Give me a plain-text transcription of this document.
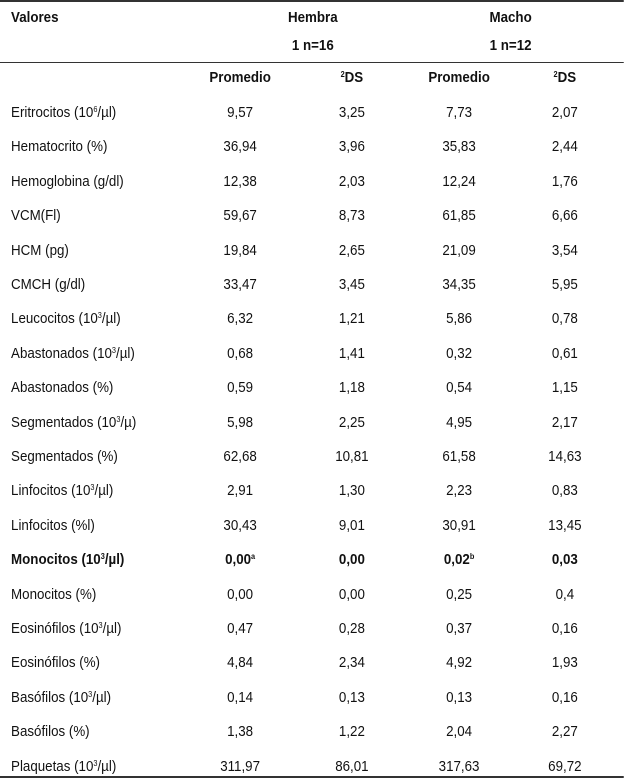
Valores	Hembra	Macho
1 n=16	1 n=12
Promedio	$^2$DS	Promedio	$^2$DS
Eritrocitos $(10^6/\mu l)$	9,57	3,25	7,73	2,07
Hematocrito (%)	36,94	3,96	35,83	2,44
Hemoglobina (g/dl)	12,38	2,03	12,24	1,76
VCM(Fl)	59,67	8,73	61,85	6,66
HCM (pg)	19,84	2,65	21,09	3,54
CMCH (g/dl)	33,47	3,45	34,35	5,95
Leucocitos $(10^3/\mu l)$	6,32	1,21	5,86	0,78
Abastonados $(10^3/\mu l)$	0,68	1,41	0,32	0,61
Abastonados (%)	0,59	1,18	0,54	1,15
Segmentados $(10^3/\mu)$	5,98	2,25	4,95	2,17
Segmentados (%)	62,68	10,81	61,58	14,63
Linfocitos $(10^3/\mu l)$	2,91	1,30	2,23	0,83
Linfocitos (%l)	30,43	9,01	30,91	13,45
Monocitos $(10^3/\mu l)$	0,00$^a$	0,00	0,02$^b$	0,03
Monocitos (%)	0,00	0,00	0,25	0,4
Eosinófilos $(10^3/\mu l)$	0,47	0,28	0,37	0,16
Eosinófilos (%)	4,84	2,34	4,92	1,93
Basófilos $(10^3/\mu l)$	0,14	0,13	0,13	0,16
Basófilos (%)	1,38	1,22	2,04	2,27
Plaquetas $(10^3/\mu l)$	311,97	86,01	317,63	69,72
